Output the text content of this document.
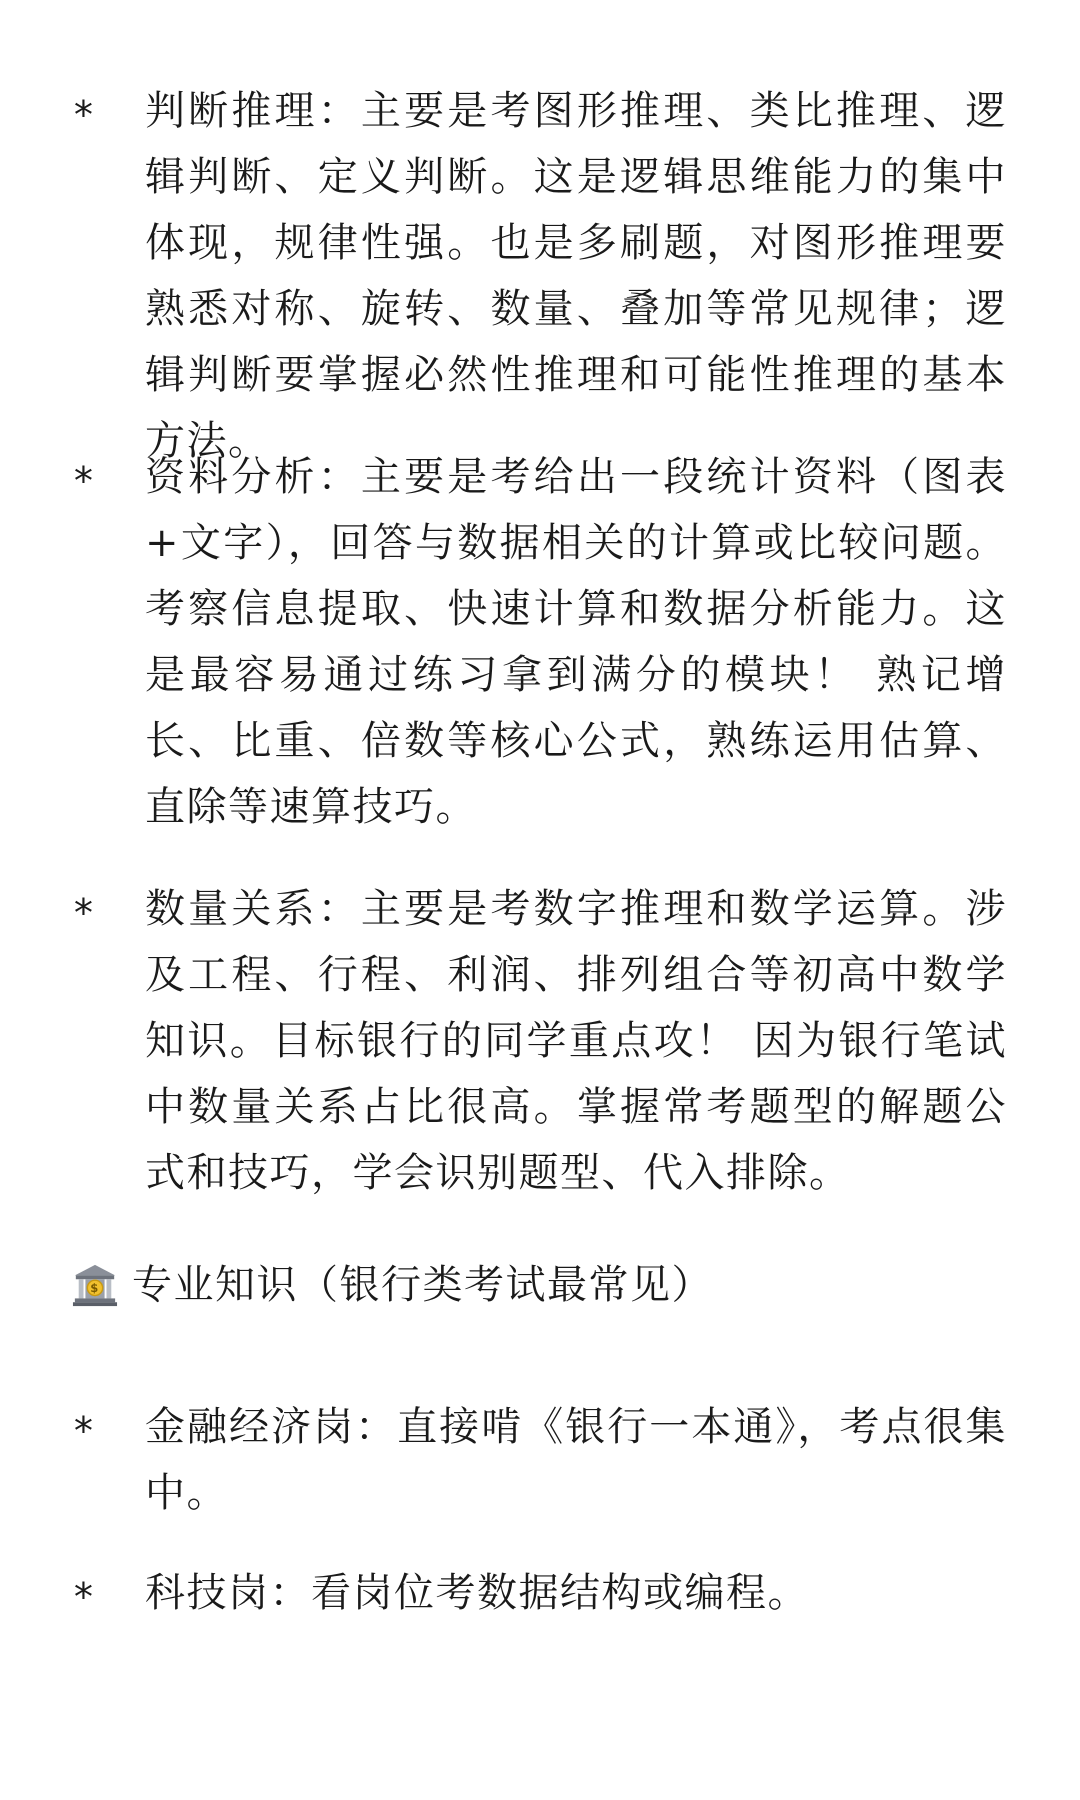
* 判断推理：主要是考图形推理、类比推理、逻辑判断、定义判断。这是逻辑思维能力的集中体现，规律性强。也是多刷题，对图形推理要熟悉对称、旋转、数量、叠加等常见规律；逻辑判断要掌握必然性推理和可能性推理的基本方法。
* 资料分析：主要是考给出一段统计资料（图表+文字），回答与数据相关的计算或比较问题。考察信息提取、快速计算和数据分析能力。这是最容易通过练习拿到满分的模块！ 熟记增长、比重、倍数等核心公式，熟练运用估算、直除等速算技巧。
* 数量关系：主要是考数字推理和数学运算。涉及工程、行程、利润、排列组合等初高中数学知识。目标银行的同学重点攻！ 因为银行笔试中数量关系占比很高。掌握常考题型的解题公式和技巧，学会识别题型、代入排除。
$ 专业知识（银行类考试最常见）
* 金融经济岗：直接啃《银行一本通》，考点很集中。
* 科技岗：看岗位考数据结构或编程。
